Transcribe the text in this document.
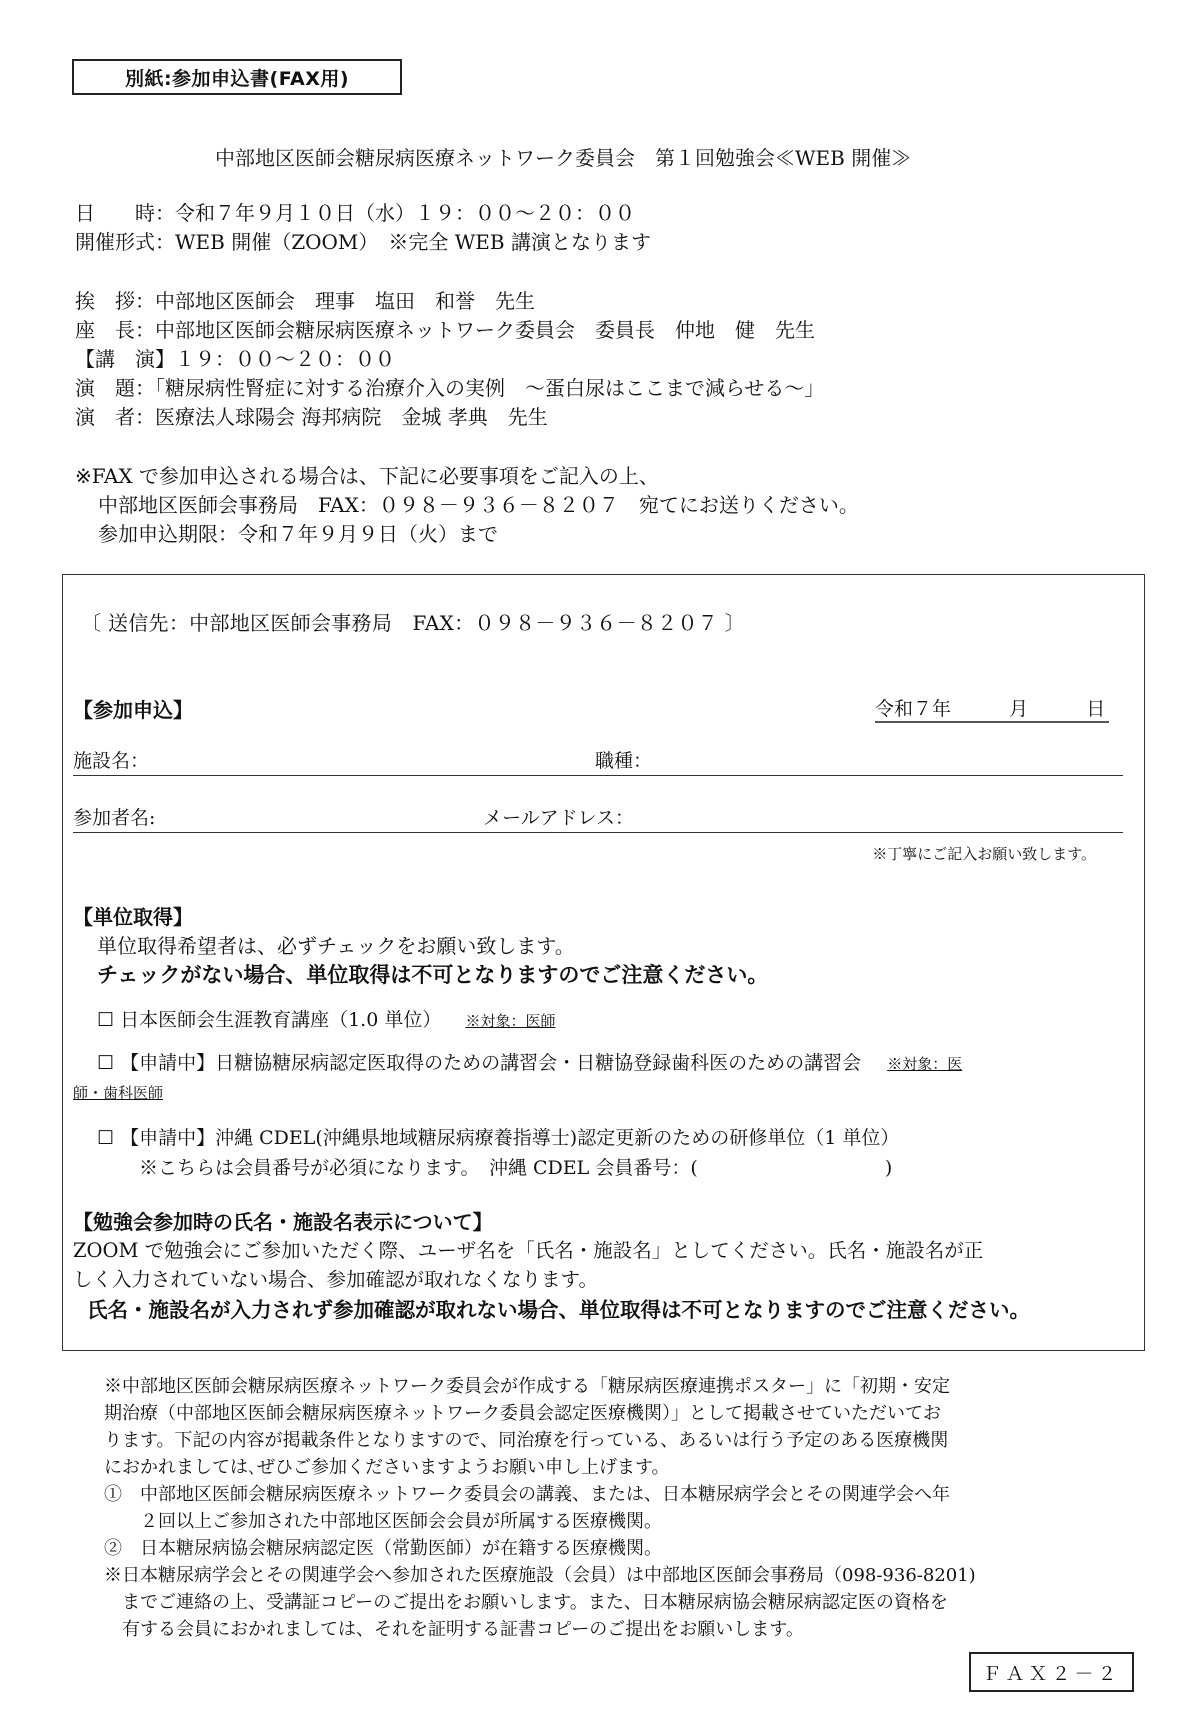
別紙:参加申込書(FAX用)
中部地区医師会糖尿病医療ネットワーク委員会　第１回勉強会≪WEB 開催≫
日　　時：令和７年９月１０日（水）１９：００～２０：００
開催形式：WEB 開催（ZOOM）　※完全 WEB 講演となります
挨　拶：中部地区医師会　理事　塩田　和誉　先生
座　長：中部地区医師会糖尿病医療ネットワーク委員会　委員長　仲地　健　先生
【講　演】１９：００～２０：００
演　題：「糖尿病性腎症に対する治療介入の実例　～蛋白尿はここまで減らせる～」
演　者：医療法人球陽会 海邦病院　金城 孝典　先生
※FAX で参加申込される場合は、下記に必要事項をご記入の上、
中部地区医師会事務局　FAX：０９８－９３６－８２０７　宛てにお送りください。
参加申込期限：令和７年９月９日（火）まで
〔 送信先：中部地区医師会事務局　FAX：０９８－９３６－８２０７ 〕
【参加申込】	令和７年	月	日
施設名：	職種：
参加者名:	メールアドレス：
※丁寧にご記入お願い致します。
【単位取得】
単位取得希望者は、必ずチェックをお願い致します。
チェックがない場合、単位取得は不可となりますのでご注意ください。
☐ 日本医師会生涯教育講座（1.0 単位） ※対象：医師
☐ 【申請中】日糖協糖尿病認定医取得のための講習会・日糖協登録歯科医のための講習会 ※対象：医
師・歯科医師
☐ 【申請中】沖縄 CDEL(沖縄県地域糖尿病療養指導士)認定更新のための研修単位（1 単位）
※こちらは会員番号が必須になります。　沖縄 CDEL 会員番号：(	)
【勉強会参加時の氏名・施設名表示について】
ZOOM で勉強会にご参加いただく際、ユーザ名を「氏名・施設名」としてください。氏名・施設名が正
しく入力されていない場合、参加確認が取れなくなります。
氏名・施設名が入力されず参加確認が取れない場合、単位取得は不可となりますのでご注意ください。
※中部地区医師会糖尿病医療ネットワーク委員会が作成する「糖尿病医療連携ポスター」に「初期・安定
期治療（中部地区医師会糖尿病医療ネットワーク委員会認定医療機関）」として掲載させていただいてお
ります。下記の内容が掲載条件となりますので、同治療を行っている、あるいは行う予定のある医療機関
におかれましては､ぜひご参加くださいますようお願い申し上げます。
①　中部地区医師会糖尿病医療ネットワーク委員会の講義、または、日本糖尿病学会とその関連学会へ年
　　２回以上ご参加された中部地区医師会会員が所属する医療機関。
②　日本糖尿病協会糖尿病認定医（常勤医師）が在籍する医療機関。
※日本糖尿病学会とその関連学会へ参加された医療施設（会員）は中部地区医師会事務局（098-936-8201)
　までご連絡の上、受講証コピーのご提出をお願いします。また、日本糖尿病協会糖尿病認定医の資格を
　有する会員におかれましては、それを証明する証書コピーのご提出をお願いします。
ＦＡＸ２－２
